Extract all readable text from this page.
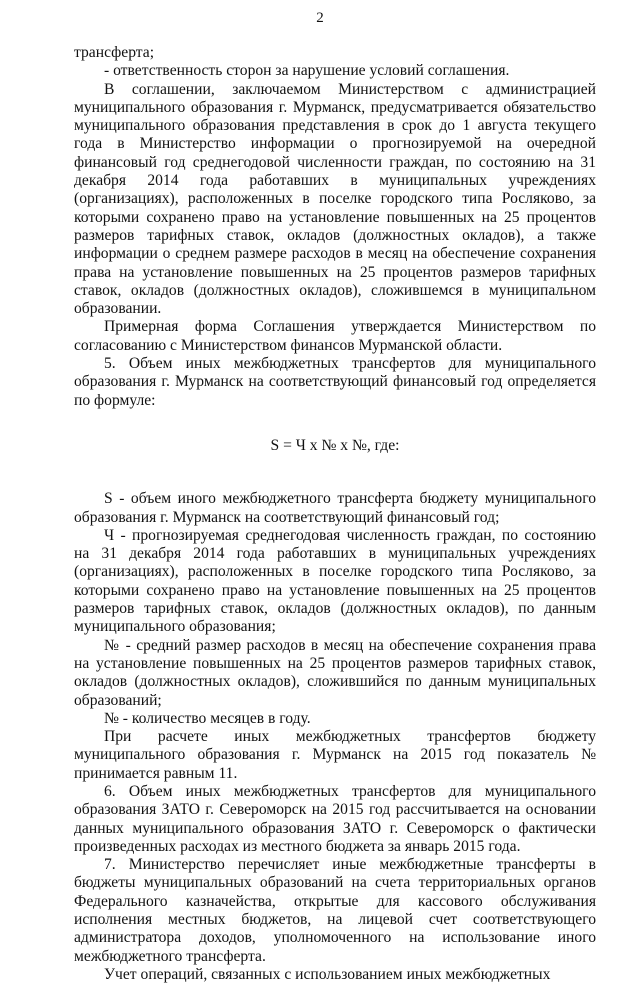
2

трансферта;

- ответственность сторон за нарушение условий соглашения.

В соглашении, заключаемом Министерством с администрацией муниципального образования г. Мурманск, предусматривается обязательство муниципального образования представления в срок до 1 августа текущего года в Министерство информации о прогнозируемой на очередной финансовый год среднегодовой численности граждан, по состоянию на 31 декабря 2014 года работавших в муниципальных учреждениях (организациях), расположенных в поселке городского типа Росляково, за которыми сохранено право на установление повышенных на 25 процентов размеров тарифных ставок, окладов (должностных окладов), а также информации о среднем размере расходов в месяц на обеспечение сохранения права на установление повышенных на 25 процентов размеров тарифных ставок, окладов (должностных окладов), сложившемся в муниципальном образовании.

Примерная форма Соглашения утверждается Министерством по согласованию с Министерством финансов Мурманской области.

5. Объем иных межбюджетных трансфертов для муниципального образования г. Мурманск на соответствующий финансовый год определяется по формуле:

S = Ч х № х №, где:

S - объем иного межбюджетного трансферта бюджету муниципального образования г. Мурманск на соответствующий финансовый год;

Ч - прогнозируемая среднегодовая численность граждан, по состоянию на 31 декабря 2014 года работавших в муниципальных учреждениях (организациях), расположенных в поселке городского типа Росляково, за которыми сохранено право на установление повышенных на 25 процентов размеров тарифных ставок, окладов (должностных окладов), по данным муниципального образования;

№ - средний размер расходов в месяц на обеспечение сохранения права на установление повышенных на 25 процентов размеров тарифных ставок, окладов (должностных окладов), сложившийся по данным муниципальных образований;

№ - количество месяцев в году.

При расчете иных межбюджетных трансфертов бюджету муниципального образования г. Мурманск на 2015 год показатель № принимается равным 11.

6. Объем иных межбюджетных трансфертов для муниципального образования ЗАТО г. Североморск на 2015 год рассчитывается на основании данных муниципального образования ЗАТО г. Североморск о фактически произведенных расходах из местного бюджета за январь 2015 года.

7. Министерство перечисляет иные межбюджетные трансферты в бюджеты муниципальных образований на счета территориальных органов Федерального казначейства, открытые для кассового обслуживания исполнения местных бюджетов, на лицевой счет соответствующего администратора доходов, уполномоченного на использование иного межбюджетного трансферта.

Учет операций, связанных с использованием иных межбюджетных
